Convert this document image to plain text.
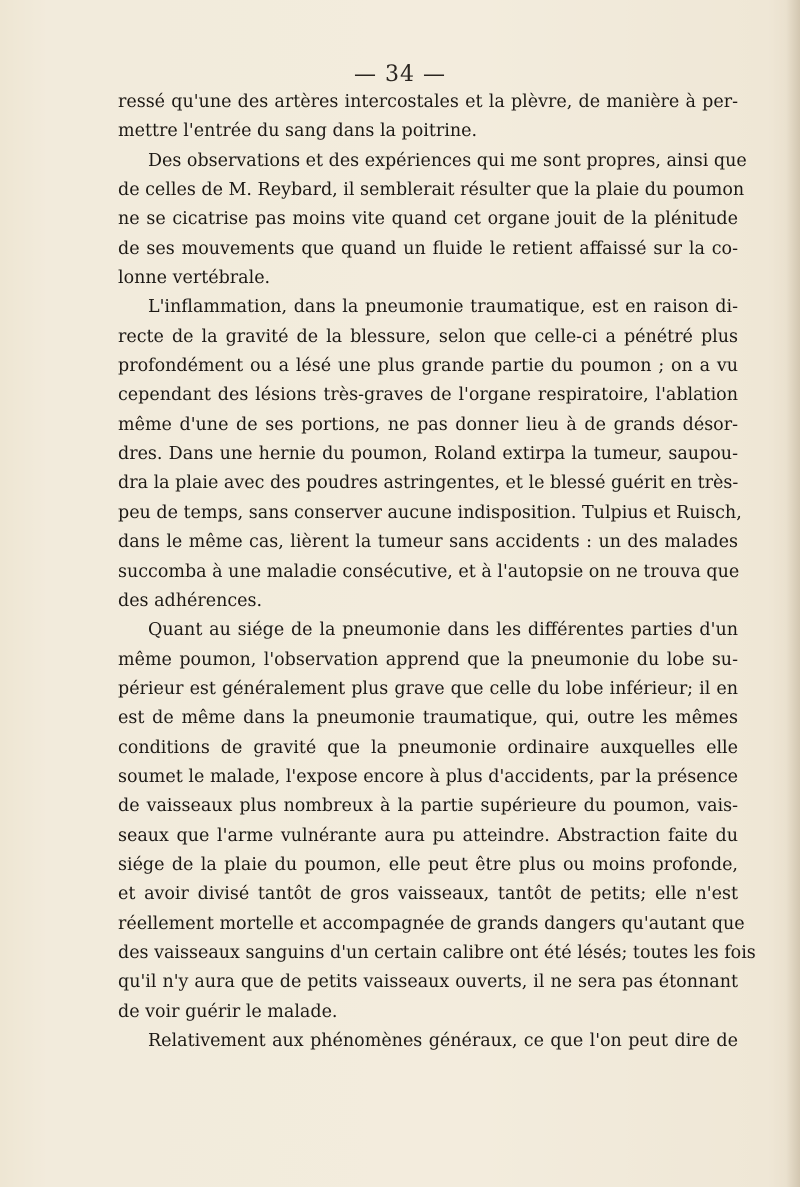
— 34 —
ressé qu'une des artères intercostales et la plèvre, de manière à per-
mettre l'entrée du sang dans la poitrine.
Des observations et des expériences qui me sont propres, ainsi que
de celles de M. Reybard, il semblerait résulter que la plaie du poumon
ne se cicatrise pas moins vite quand cet organe jouit de la plénitude
de ses mouvements que quand un fluide le retient affaissé sur la co-
lonne vertébrale.
L'inflammation, dans la pneumonie traumatique, est en raison di-
recte de la gravité de la blessure, selon que celle-ci a pénétré plus
profondément ou a lésé une plus grande partie du poumon ; on a vu
cependant des lésions très-graves de l'organe respiratoire, l'ablation
même d'une de ses portions, ne pas donner lieu à de grands désor-
dres. Dans une hernie du poumon, Roland extirpa la tumeur, saupou-
dra la plaie avec des poudres astringentes, et le blessé guérit en très-
peu de temps, sans conserver aucune indisposition. Tulpius et Ruisch,
dans le même cas, lièrent la tumeur sans accidents : un des malades
succomba à une maladie consécutive, et à l'autopsie on ne trouva que
des adhérences.
Quant au siége de la pneumonie dans les différentes parties d'un
même poumon, l'observation apprend que la pneumonie du lobe su-
périeur est généralement plus grave que celle du lobe inférieur; il en
est de même dans la pneumonie traumatique, qui, outre les mêmes
conditions de gravité que la pneumonie ordinaire auxquelles elle
soumet le malade, l'expose encore à plus d'accidents, par la présence
de vaisseaux plus nombreux à la partie supérieure du poumon, vais-
seaux que l'arme vulnérante aura pu atteindre. Abstraction faite du
siége de la plaie du poumon, elle peut être plus ou moins profonde,
et avoir divisé tantôt de gros vaisseaux, tantôt de petits; elle n'est
réellement mortelle et accompagnée de grands dangers qu'autant que
des vaisseaux sanguins d'un certain calibre ont été lésés; toutes les fois
qu'il n'y aura que de petits vaisseaux ouverts, il ne sera pas étonnant
de voir guérir le malade.
Relativement aux phénomènes généraux, ce que l'on peut dire de
